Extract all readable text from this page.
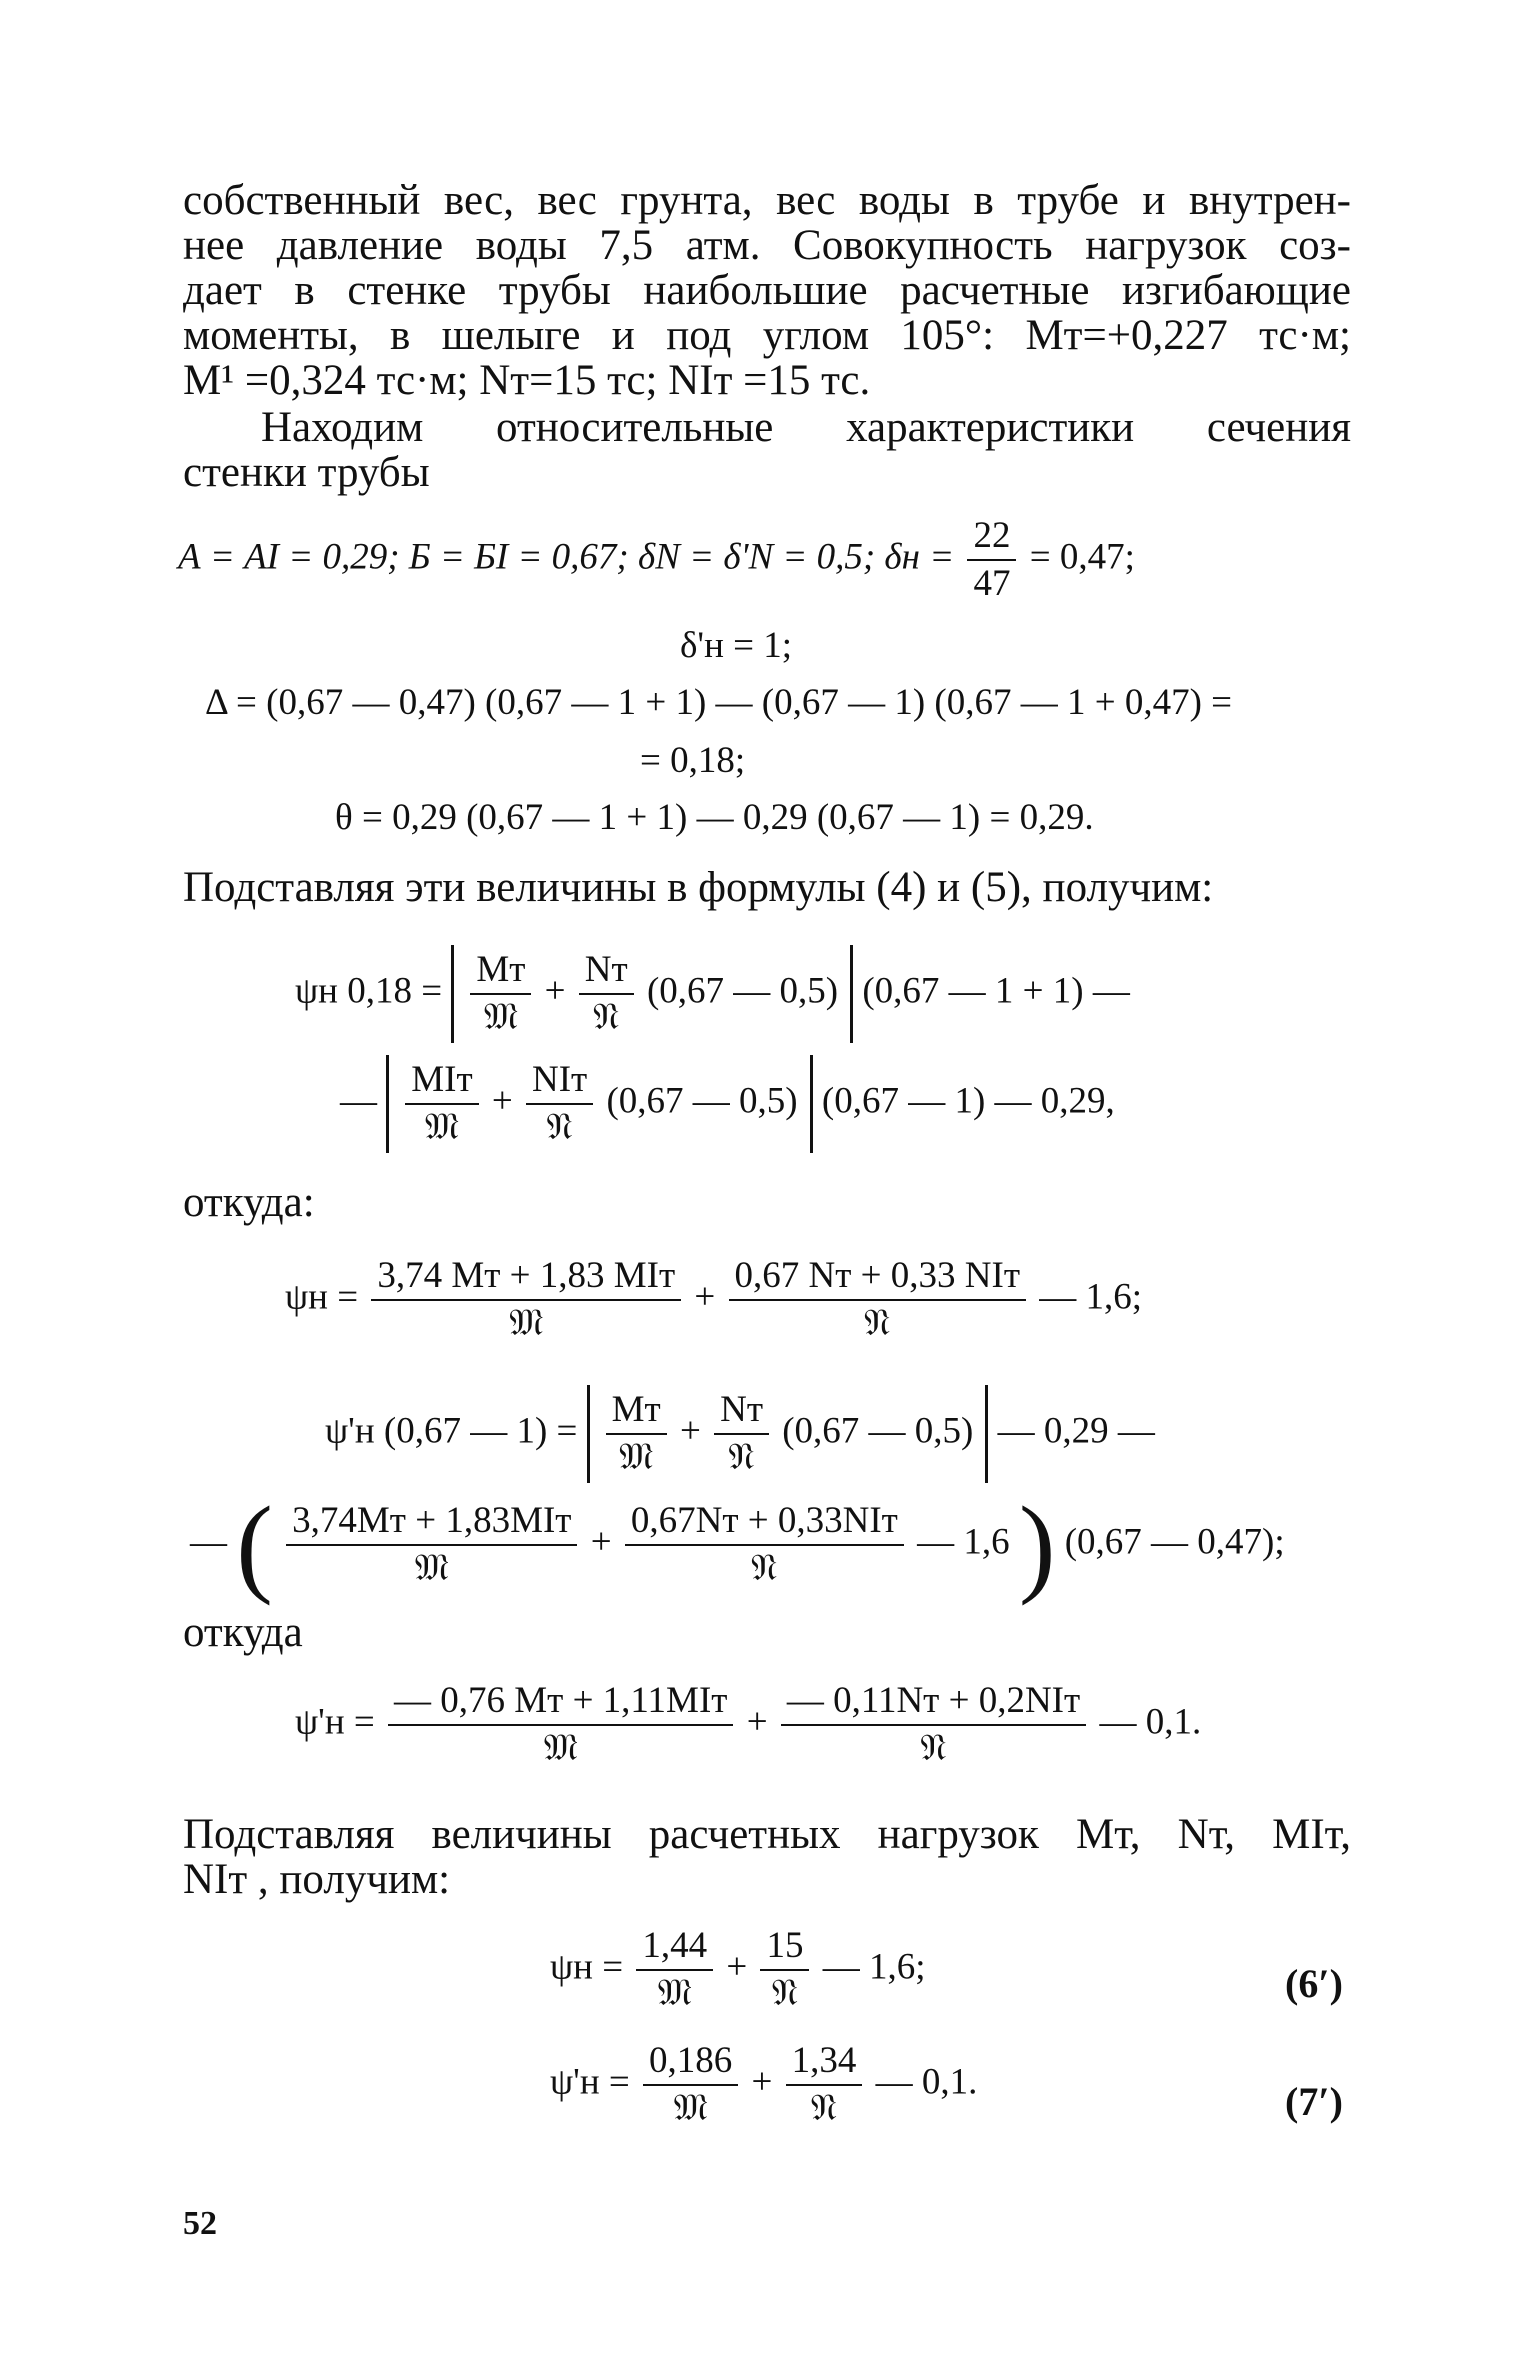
собственный вес, вес грунта, вес воды в трубе и внутрен-
нее давление воды 7,5 атм. Совокупность нагрузок соз-
дает в стенке трубы наибольшие расчетные изгибающие
моменты, в шелыге и под углом 105°: Мт=+0,227 тс·м;
М¹ =0,324 тс·м; Nт=15 тс; NIт =15 тс.
Находим относительные характеристики сечения
стенки трубы
А = АI = 0,29; Б = БI = 0,67; δN = δ'N = 0,5; $\delta н = \frac{22}{47} = 0,47$;
δ'н = 1;
Δ = (0,67 — 0,47) (0,67 — 1 + 1) — (0,67 — 1) (0,67 — 1 + 0,47) =
= 0,18;
θ = 0,29 (0,67 — 1 + 1) — 0,29 (0,67 — 1) = 0,29.
Подставляя эти величины в формулы (4) и (5), получим:
ψн $0,18 = \frac{Мт}{\text{𝔐}} + \frac{Nт}{\text{𝔑}} (0,67$ — 0,5) (0,67 — 1 + 1) —
— $\frac{\text{MIт}}{\text{𝔐}} + \frac{\text{NIт}}{\text{𝔑}} (0,67$ — 0,5) (0,67 — 1) — 0,29,
откуда:
$\psi н = \frac{\text{3,74 Мт + 1,83 MIт}}{\text{𝔐}} + \frac{\text{0,67 Nт + 0,33 NIт}}{\text{𝔑}}$ — 1,6;
ψ'н (0,67 — $1) = \frac{Мт}{\text{𝔐}} + \frac{Nт}{\text{𝔑}} (0,67$ — 0,5) — 0,29 —
— ( $\frac{\text{3,74Мт + 1,83MIт}}{\text{𝔐}} + \frac{\text{0,67Nт + 0,33NIт}}{\text{𝔑}}$ — 1,6 ) (0,67 — 0,47);
откуда
$\psi'н = \frac{\text{— 0,76 Мт + 1,11MIт}}{\text{𝔐}} + \frac{\text{— 0,11Nт + 0,2NIт}}{\text{𝔑}}$ — 0,1.
Подставляя величины расчетных нагрузок Мт, Nт, MIт,
NIт , получим:
$\psi н = \frac{1,44}{\text{𝔐}} + \frac{15}{\text{𝔑}}$ — 1,6;	(6′)
$\psi'н = \frac{0,186}{\text{𝔐}} + \frac{1,34}{\text{𝔑}}$ — 0,1.	(7′)
52
